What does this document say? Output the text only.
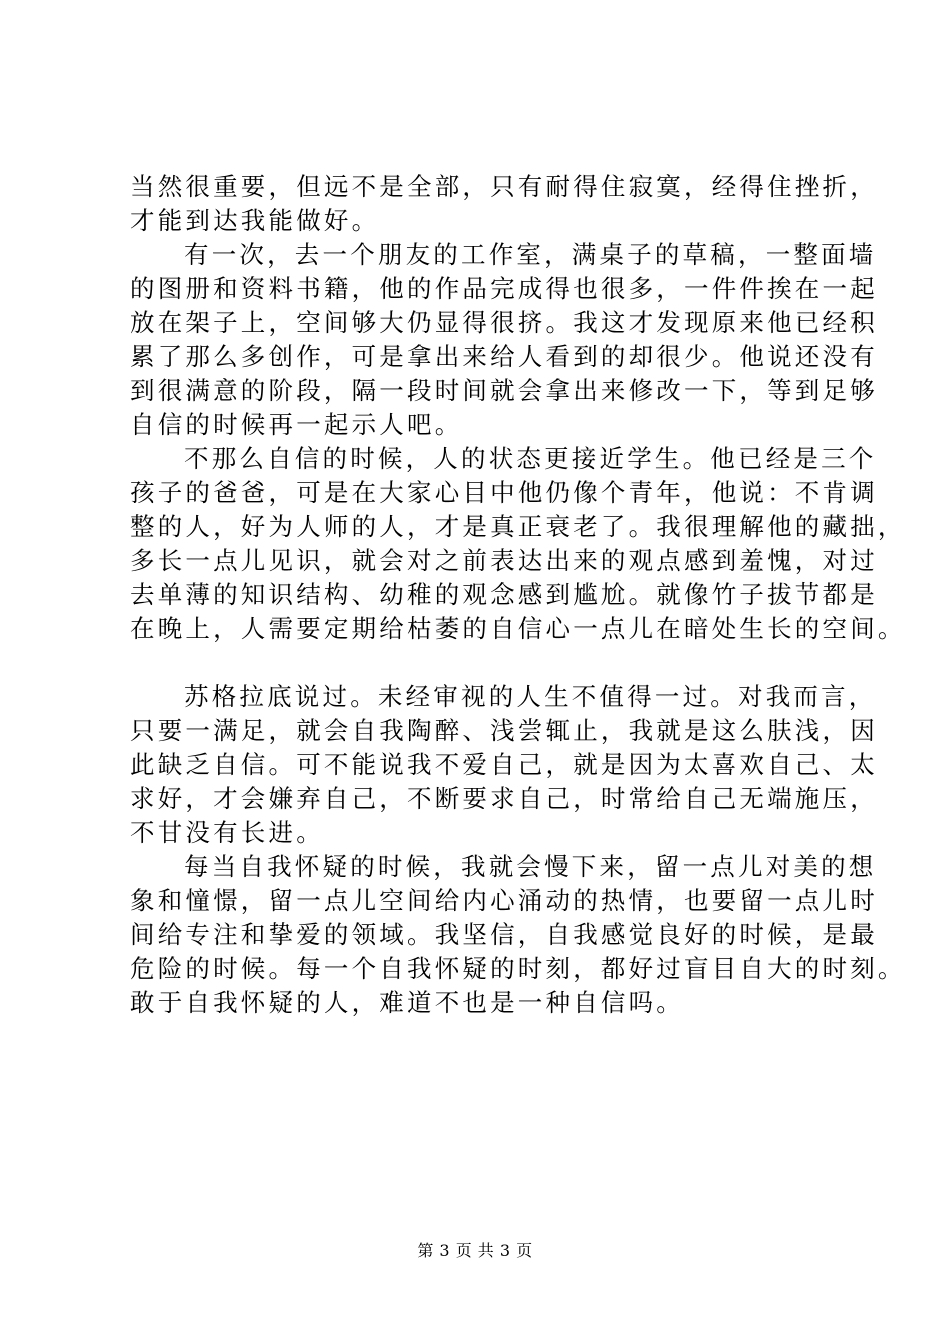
当然很重要，但远不是全部，只有耐得住寂寞，经得住挫折，
才能到达我能做好。
有一次，去一个朋友的工作室，满桌子的草稿，一整面墙
的图册和资料书籍，他的作品完成得也很多，一件件挨在一起
放在架子上，空间够大仍显得很挤。我这才发现原来他已经积
累了那么多创作，可是拿出来给人看到的却很少。他说还没有
到很满意的阶段，隔一段时间就会拿出来修改一下，等到足够
自信的时候再一起示人吧。
不那么自信的时候，人的状态更接近学生。他已经是三个
孩子的爸爸，可是在大家心目中他仍像个青年，他说：不肯调
整的人，好为人师的人，才是真正衰老了。我很理解他的藏拙，
多长一点儿见识，就会对之前表达出来的观点感到羞愧，对过
去单薄的知识结构、幼稚的观念感到尴尬。就像竹子拔节都是
在晚上，人需要定期给枯萎的自信心一点儿在暗处生长的空间。
苏格拉底说过。未经审视的人生不值得一过。对我而言，
只要一满足，就会自我陶醉、浅尝辄止，我就是这么肤浅，因
此缺乏自信。可不能说我不爱自己，就是因为太喜欢自己、太
求好，才会嫌弃自己，不断要求自己，时常给自己无端施压，
不甘没有长进。
每当自我怀疑的时候，我就会慢下来，留一点儿对美的想
象和憧憬，留一点儿空间给内心涌动的热情，也要留一点儿时
间给专注和挚爱的领域。我坚信，自我感觉良好的时候，是最
危险的时候。每一个自我怀疑的时刻，都好过盲目自大的时刻。
敢于自我怀疑的人，难道不也是一种自信吗。
第 3 页 共 3 页
